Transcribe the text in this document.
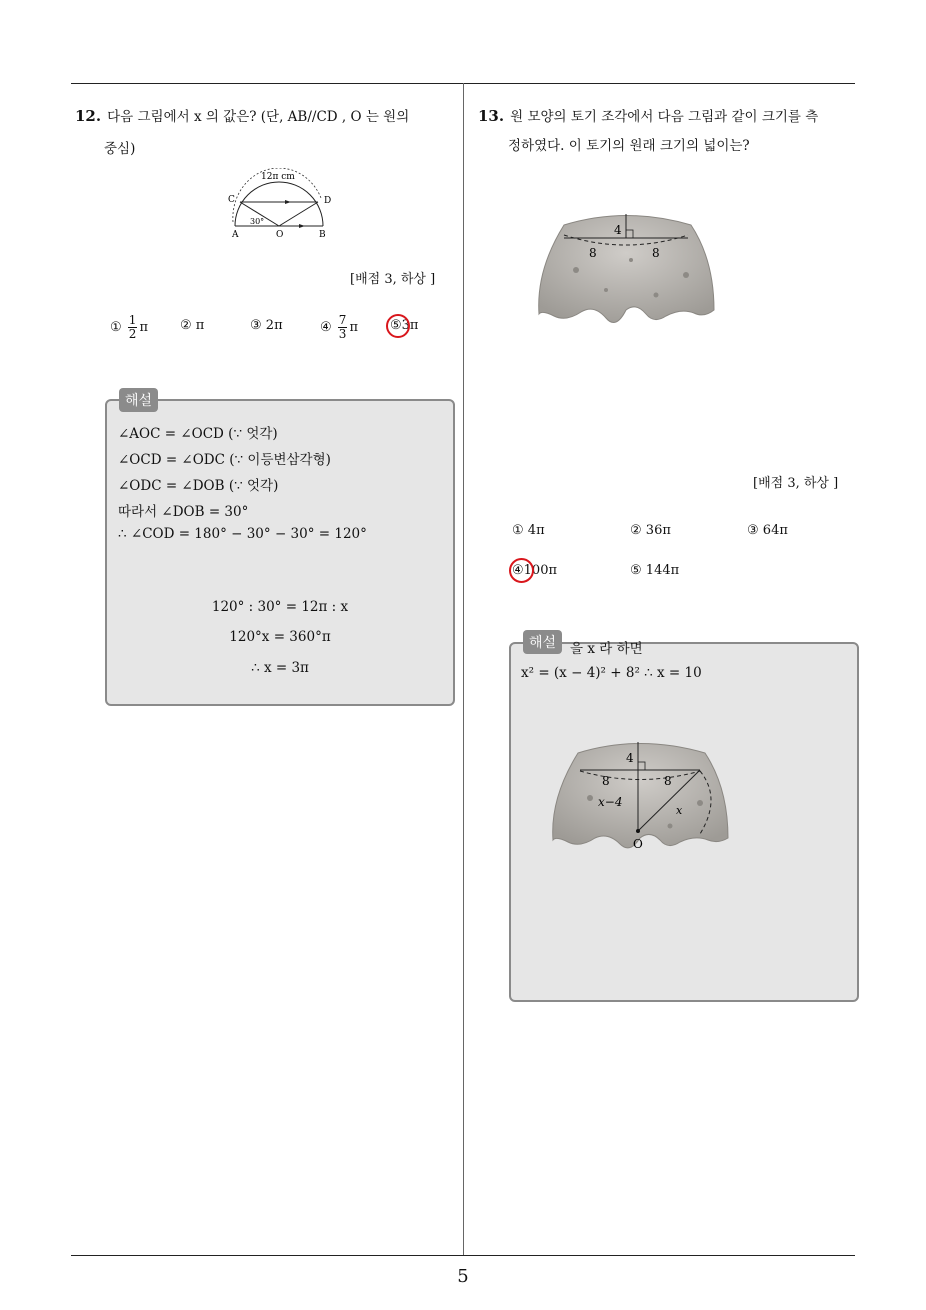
5
12. 다음 그림에서 x 의 값은? (단, AB//CD , O 는 원의
중심)
12π cm
30°
C	D
A	O	B
[배점 3, 하상 ]
① $\frac{1}{2}$ π ② π	③ 2π	④ $\frac{7}{3}$ π ⑤3π
해설
∠AOC = ∠OCD (∵ 엇각)
∠OCD = ∠ODC (∵ 이등변삼각형)
∠ODC = ∠DOB (∵ 엇각)
따라서 ∠DOB = 30°
∴ ∠COD = 180° − 30° − 30° = 120°
120° : 30° = 12π : x
120°x = 360°π
∴ x = 3π
13. 원 모양의 토기 조각에서 다음 그림과 같이 크기를 측
정하였다. 이 토기의 원래 크기의 넓이는?
4
8	8
[배점 3, 하상 ]
① 4π	② 36π	③ 64π
④100π	⑤ 144π
해설	을 x 라 하면
x² = (x − 4)² + 8² ∴ x = 10
4
8	8
x−4
x
O
